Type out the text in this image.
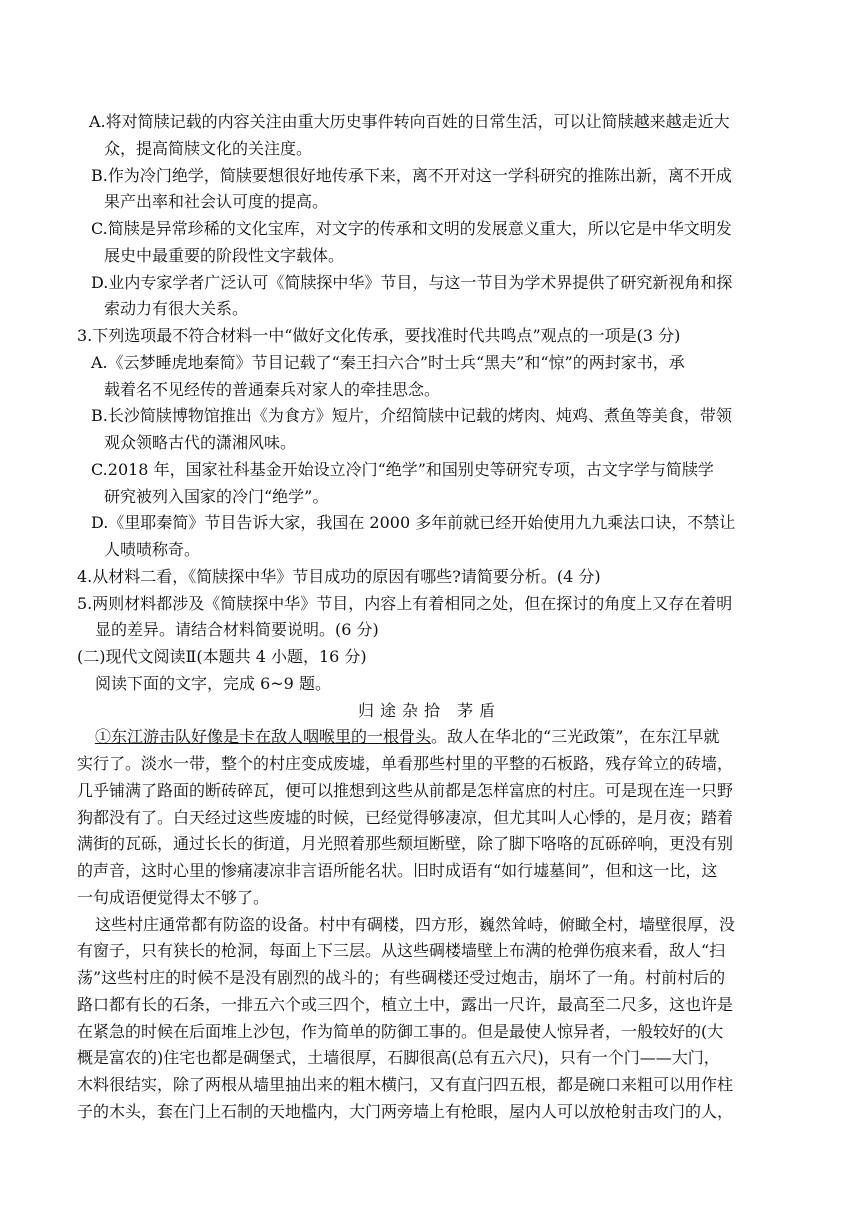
A.将对简牍记载的内容关注由重大历史事件转向百姓的日常生活，可以让简牍越来越走近大
众，提高简牍文化的关注度。
B.作为冷门绝学，简牍要想很好地传承下来，离不开对这一学科研究的推陈出新，离不开成
果产出率和社会认可度的提高。
C.简牍是异常珍稀的文化宝库，对文字的传承和文明的发展意义重大，所以它是中华文明发
展史中最重要的阶段性文字载体。
D.业内专家学者广泛认可《简牍探中华》节目，与这一节目为学术界提供了研究新视角和探
索动力有很大关系。
3.下列选项最不符合材料一中“做好文化传承，要找准时代共鸣点”观点的一项是(3 分)
A.《云梦睡虎地秦简》节目记载了“秦王扫六合”时士兵“黑夫”和“惊”的两封家书，承
载着名不见经传的普通秦兵对家人的牵挂思念。
B.长沙简牍博物馆推出《为食方》短片，介绍简牍中记载的烤肉、炖鸡、煮鱼等美食，带领
观众领略古代的潇湘风味。
C.2018 年，国家社科基金开始设立冷门“绝学”和国别史等研究专项，古文字学与简牍学
研究被列入国家的冷门“绝学”。
D.《里耶秦简》节目告诉大家，我国在 2000 多年前就已经开始使用九九乘法口诀，不禁让
人啧啧称奇。
4.从材料二看，《简牍探中华》节目成功的原因有哪些?请简要分析。(4 分)
5.两则材料都涉及《简牍探中华》节目，内容上有着相同之处，但在探讨的角度上又存在着明
显的差异。请结合材料简要说明。(6 分)
(二)现代文阅读Ⅱ(本题共 4 小题，16 分)
阅读下面的文字，完成 6~9 题。
归途杂拾 茅盾
①东江游击队好像是卡在敌人咽喉里的一根骨头。敌人在华北的“三光政策”，在东江早就
实行了。淡水一带，整个的村庄变成废墟，单看那些村里的平整的石板路，残存耸立的砖墙，
几乎铺满了路面的断砖碎瓦，便可以推想到这些从前都是怎样富庶的村庄。可是现在连一只野
狗都没有了。白天经过这些废墟的时候，已经觉得够凄凉，但尤其叫人心悸的，是月夜；踏着
满街的瓦砾，通过长长的街道，月光照着那些颓垣断壁，除了脚下咯咯的瓦砾碎响，更没有别
的声音，这时心里的惨痛凄凉非言语所能名状。旧时成语有“如行墟墓间”，但和这一比，这
一句成语便觉得太不够了。
这些村庄通常都有防盗的设备。村中有碉楼，四方形，巍然耸峙，俯瞰全村，墙壁很厚，没
有窗子，只有狭长的枪洞，每面上下三层。从这些碉楼墙壁上布满的枪弹伤痕来看，敌人“扫
荡”这些村庄的时候不是没有剧烈的战斗的；有些碉楼还受过炮击，崩坏了一角。村前村后的
路口都有长的石条，一排五六个或三四个，植立土中，露出一尺许，最高至二尺多，这也许是
在紧急的时候在后面堆上沙包，作为简单的防御工事的。但是最使人惊异者，一般较好的(大
概是富农的)住宅也都是碉堡式，土墙很厚，石脚很高(总有五六尺)，只有一个门——大门，
木料很结实，除了两根从墙里抽出来的粗木横闩，又有直闩四五根，都是碗口来粗可以用作柱
子的木头，套在门上石制的天地槛内，大门两旁墙上有枪眼，屋内人可以放枪射击攻门的人，
